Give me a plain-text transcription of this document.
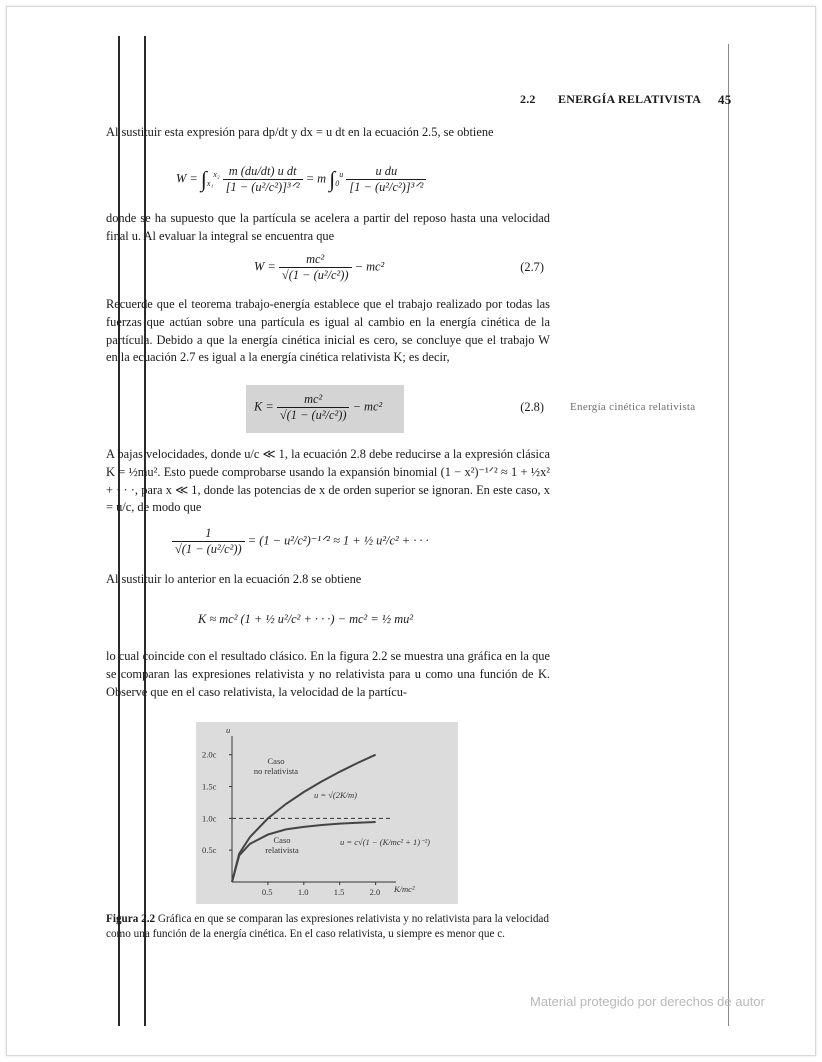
2.2 ENERGÍA RELATIVISTA 45
Al sustituir esta expresión para dp/dt y dx = u dt en la ecuación 2.5, se obtiene
$W = \int_{x_1}^{x_2} \frac{\text{m (du/dt) u dt}}{\text{[1 − (u²/c²)]³ᐟ²}} = m$ $\int_0^u \frac{\text{u du}}{\text{[1 − (u²/c²)]³ᐟ²}}$
donde se ha supuesto que la partícula se acelera a partir del reposo hasta una velocidad final u. Al evaluar la integral se encuentra que
$W = \frac{\text{mc²}}{\text{√(1 − (u²/c²))}} - mc^2$	(2.7)
Recuerde que el teorema trabajo-energía establece que el trabajo realizado por todas las fuerzas que actúan sobre una partícula es igual al cambio en la energía cinética de la partícula. Debido a que la energía cinética inicial es cero, se concluye que el trabajo W en la ecuación 2.7 es igual a la energía cinética relativista K; es decir,
$K = \frac{\text{mc²}}{\text{√(1 − (u²/c²))}} - mc^2$	(2.8) Energía cinética relativista
A bajas velocidades, donde u/c ≪ 1, la ecuación 2.8 debe reducirse a la expresión clásica K = ½mu². Esto puede comprobarse usando la expansión binomial (1 − x²)⁻¹ᐟ² ≈ 1 + ½x² + · · ·, para x ≪ 1, donde las potencias de x de orden superior se ignoran. En este caso, x = u/c, de modo que
$\frac{1}{\text{√(1 − (u²/c²))}} = (1$ − u²/c²)⁻¹ᐟ² ≈ 1 + ½ u²/c² + · · ·
Al sustituir lo anterior en la ecuación 2.8 se obtiene
K ≈ mc² (1 + ½ u²/c² + · · ·) − mc² = ½ mu²
lo cual coincide con el resultado clásico. En la figura 2.2 se muestra una gráfica en la que se comparan las expresiones relativista y no relativista para u como una función de K. Observe que en el caso relativista, la velocidad de la partícu-
u
K/mc²
0.5c
1.0c
1.5c
2.0c
0.5	1.0	1.5	2.0
Caso
no relativista
Caso
relativista
u = √(2K/m)
u = c√(1 − (K/mc² + 1)⁻²)
Figura 2.2 Gráfica en que se comparan las expresiones relativista y no relativista para la velocidad como una función de la energía cinética. En el caso relativista, u siempre es menor que c.
Material protegido por derechos de autor
